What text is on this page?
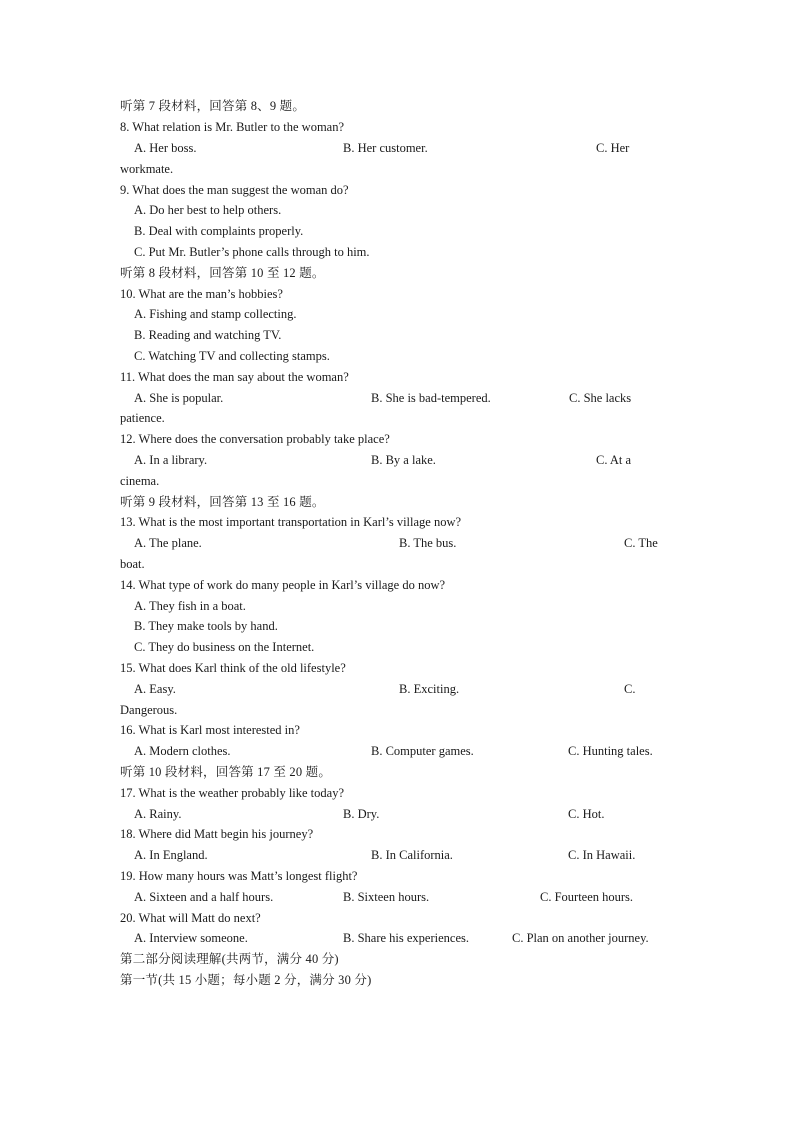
听第 7 段材料，回答第 8、9 题。
8. What relation is Mr. Butler to the woman?
A. Her boss.	B. Her customer.	C. Her
workmate.
9. What does the man suggest the woman do?
A. Do her best to help others.
B. Deal with complaints properly.
C. Put Mr. Butler’s phone calls through to him.
听第 8 段材料，回答第 10 至 12 题。
10. What are the man’s hobbies?
A. Fishing and stamp collecting.
B. Reading and watching TV.
C. Watching TV and collecting stamps.
11. What does the man say about the woman?
A. She is popular.	B. She is bad-tempered.	C. She lacks
patience.
12. Where does the conversation probably take place?
A. In a library.	B. By a lake.	C. At a
cinema.
听第 9 段材料，回答第 13 至 16 题。
13. What is the most important transportation in Karl’s village now?
A. The plane.	B. The bus.	C. The
boat.
14. What type of work do many people in Karl’s village do now?
A. They fish in a boat.
B. They make tools by hand.
C. They do business on the Internet.
15. What does Karl think of the old lifestyle?
A. Easy.	B. Exciting.	C.
Dangerous.
16. What is Karl most interested in?
A. Modern clothes.	B. Computer games.	C. Hunting tales.
听第 10 段材料，回答第 17 至 20 题。
17. What is the weather probably like today?
A. Rainy.	B. Dry.	C. Hot.
18. Where did Matt begin his journey?
A. In England.	B. In California.	C. In Hawaii.
19. How many hours was Matt’s longest flight?
A. Sixteen and a half hours.	B. Sixteen hours.	C. Fourteen hours.
20. What will Matt do next?
A. Interview someone.	B. Share his experiences.	C. Plan on another journey.
第二部分阅读理解(共两节，满分 40 分)
第一节(共 15 小题；每小题 2 分，满分 30 分)
